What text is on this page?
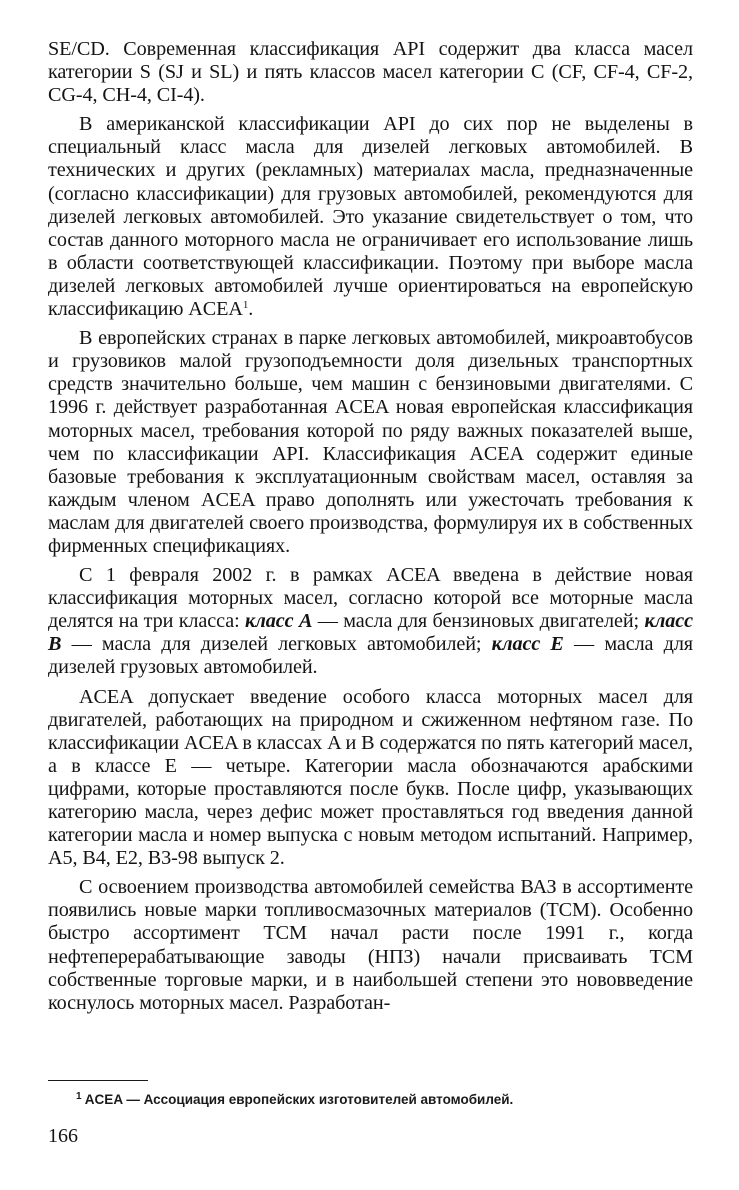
SE/CD. Современная классификация API содержит два класса масел категории S (SJ и SL) и пять классов масел категории C (CF, CF-4, CF-2, CG-4, CH-4, CI-4).

В американской классификации API до сих пор не выделены в специальный класс масла для дизелей легковых автомобилей. В технических и других (рекламных) материалах масла, предназначенные (согласно классификации) для грузовых автомобилей, рекомендуются для дизелей легковых автомобилей. Это указание свидетельствует о том, что состав данного моторного масла не ограничивает его использование лишь в области соответствующей классификации. Поэтому при выборе масла дизелей легковых автомобилей лучше ориентироваться на европейскую классификацию ACEA$^1$.

В европейских странах в парке легковых автомобилей, микроавтобусов и грузовиков малой грузоподъемности доля дизельных транспортных средств значительно больше, чем машин с бензиновыми двигателями. С 1996 г. действует разработанная ACEA новая европейская классификация моторных масел, требования которой по ряду важных показателей выше, чем по классификации API. Классификация ACEA содержит единые базовые требования к эксплуатационным свойствам масел, оставляя за каждым членом ACEA право дополнять или ужесточать требования к маслам для двигателей своего производства, формулируя их в собственных фирменных спецификациях.

С 1 февраля 2002 г. в рамках ACEA введена в действие новая классификация моторных масел, согласно которой все моторные масла делятся на три класса: класс A — масла для бензиновых двигателей; класс B — масла для дизелей легковых автомобилей; класс E — масла для дизелей грузовых автомобилей.

ACEA допускает введение особого класса моторных масел для двигателей, работающих на природном и сжиженном нефтяном газе. По классификации ACEA в классах A и B содержатся по пять категорий масел, а в классе E — четыре. Категории масла обозначаются арабскими цифрами, которые проставляются после букв. После цифр, указывающих категорию масла, через дефис может проставляться год введения данной категории масла и номер выпуска с новым методом испытаний. Например, A5, B4, E2, B3-98 выпуск 2.

С освоением производства автомобилей семейства ВАЗ в ассортименте появились новые марки топливосмазочных материалов (ТСМ). Особенно быстро ассортимент ТСМ начал расти после 1991 г., когда нефтеперерабатывающие заводы (НПЗ) начали присваивать ТСМ собственные торговые марки, и в наибольшей степени это нововведение коснулось моторных масел. Разработан-

$^1$ ACEA — Ассоциация европейских изготовителей автомобилей.
166
